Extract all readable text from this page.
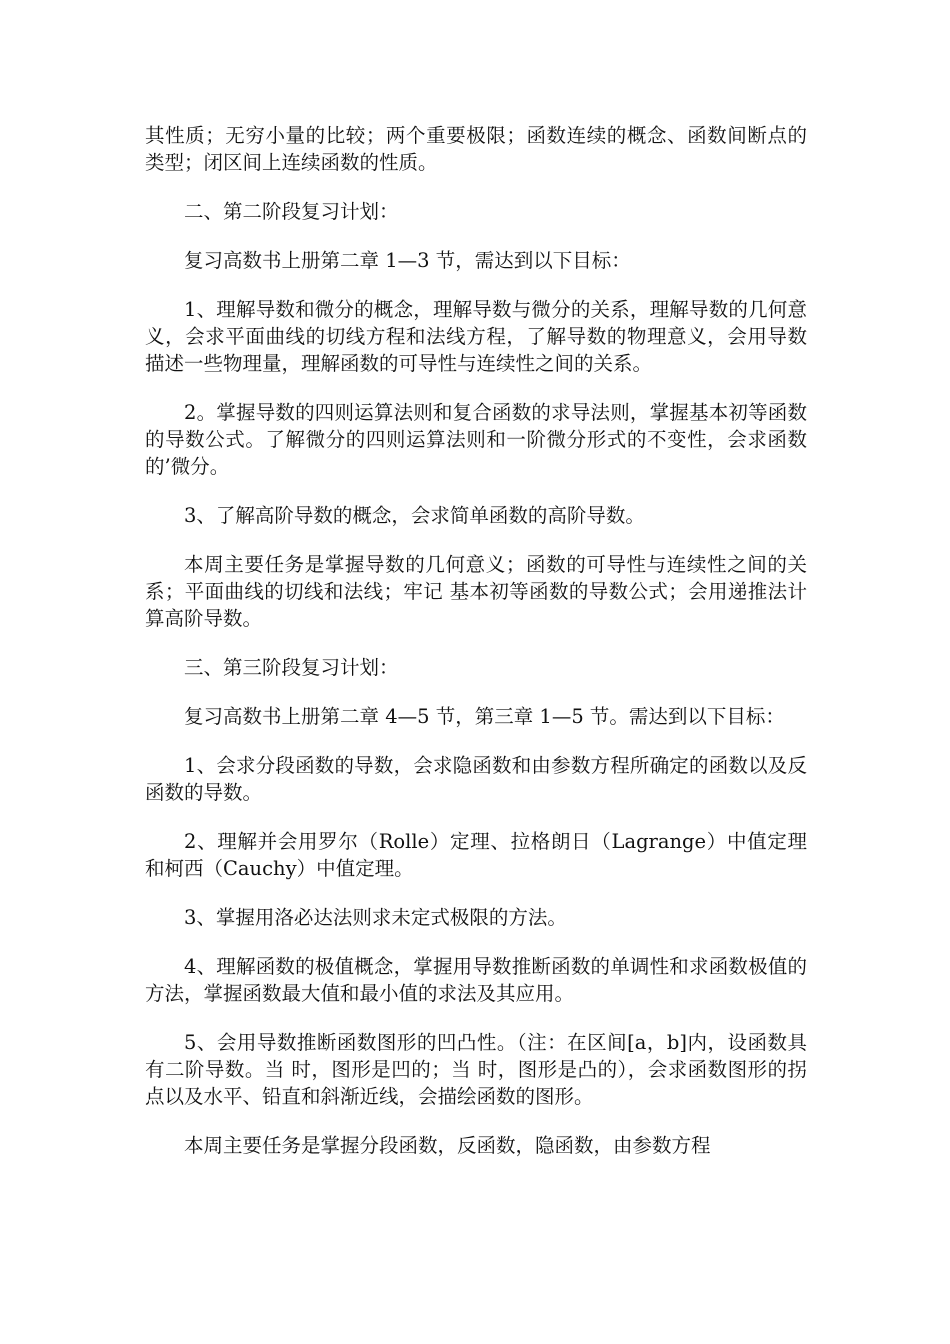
其性质；无穷小量的比较；两个重要极限；函数连续的概念、函数间断点的类型；闭区间上连续函数的性质。

二、第二阶段复习计划：

复习高数书上册第二章 1—3 节，需达到以下目标：

1、理解导数和微分的概念，理解导数与微分的关系，理解导数的几何意义，会求平面曲线的切线方程和法线方程，了解导数的物理意义，会用导数描述一些物理量，理解函数的可导性与连续性之间的关系。

2。掌握导数的四则运算法则和复合函数的求导法则，掌握基本初等函数的导数公式。了解微分的四则运算法则和一阶微分形式的不变性，会求函数的’微分。

3、了解高阶导数的概念，会求简单函数的高阶导数。

本周主要任务是掌握导数的几何意义；函数的可导性与连续性之间的关系；平面曲线的切线和法线；牢记 基本初等函数的导数公式；会用递推法计算高阶导数。

三、第三阶段复习计划：

复习高数书上册第二章 4—5 节，第三章 1—5 节。需达到以下目标：

1、会求分段函数的导数，会求隐函数和由参数方程所确定的函数以及反函数的导数。

2、理解并会用罗尔（Rolle）定理、拉格朗日（Lagrange）中值定理和柯西（Cauchy）中值定理。

3、掌握用洛必达法则求未定式极限的方法。

4、理解函数的极值概念，掌握用导数推断函数的单调性和求函数极值的方法，掌握函数最大值和最小值的求法及其应用。

5、会用导数推断函数图形的凹凸性。（注：在区间[a，b]内，设函数具有二阶导数。当 时，图形是凹的；当 时，图形是凸的），会求函数图形的拐点以及水平、铅直和斜渐近线，会描绘函数的图形。

本周主要任务是掌握分段函数，反函数，隐函数，由参数方程
